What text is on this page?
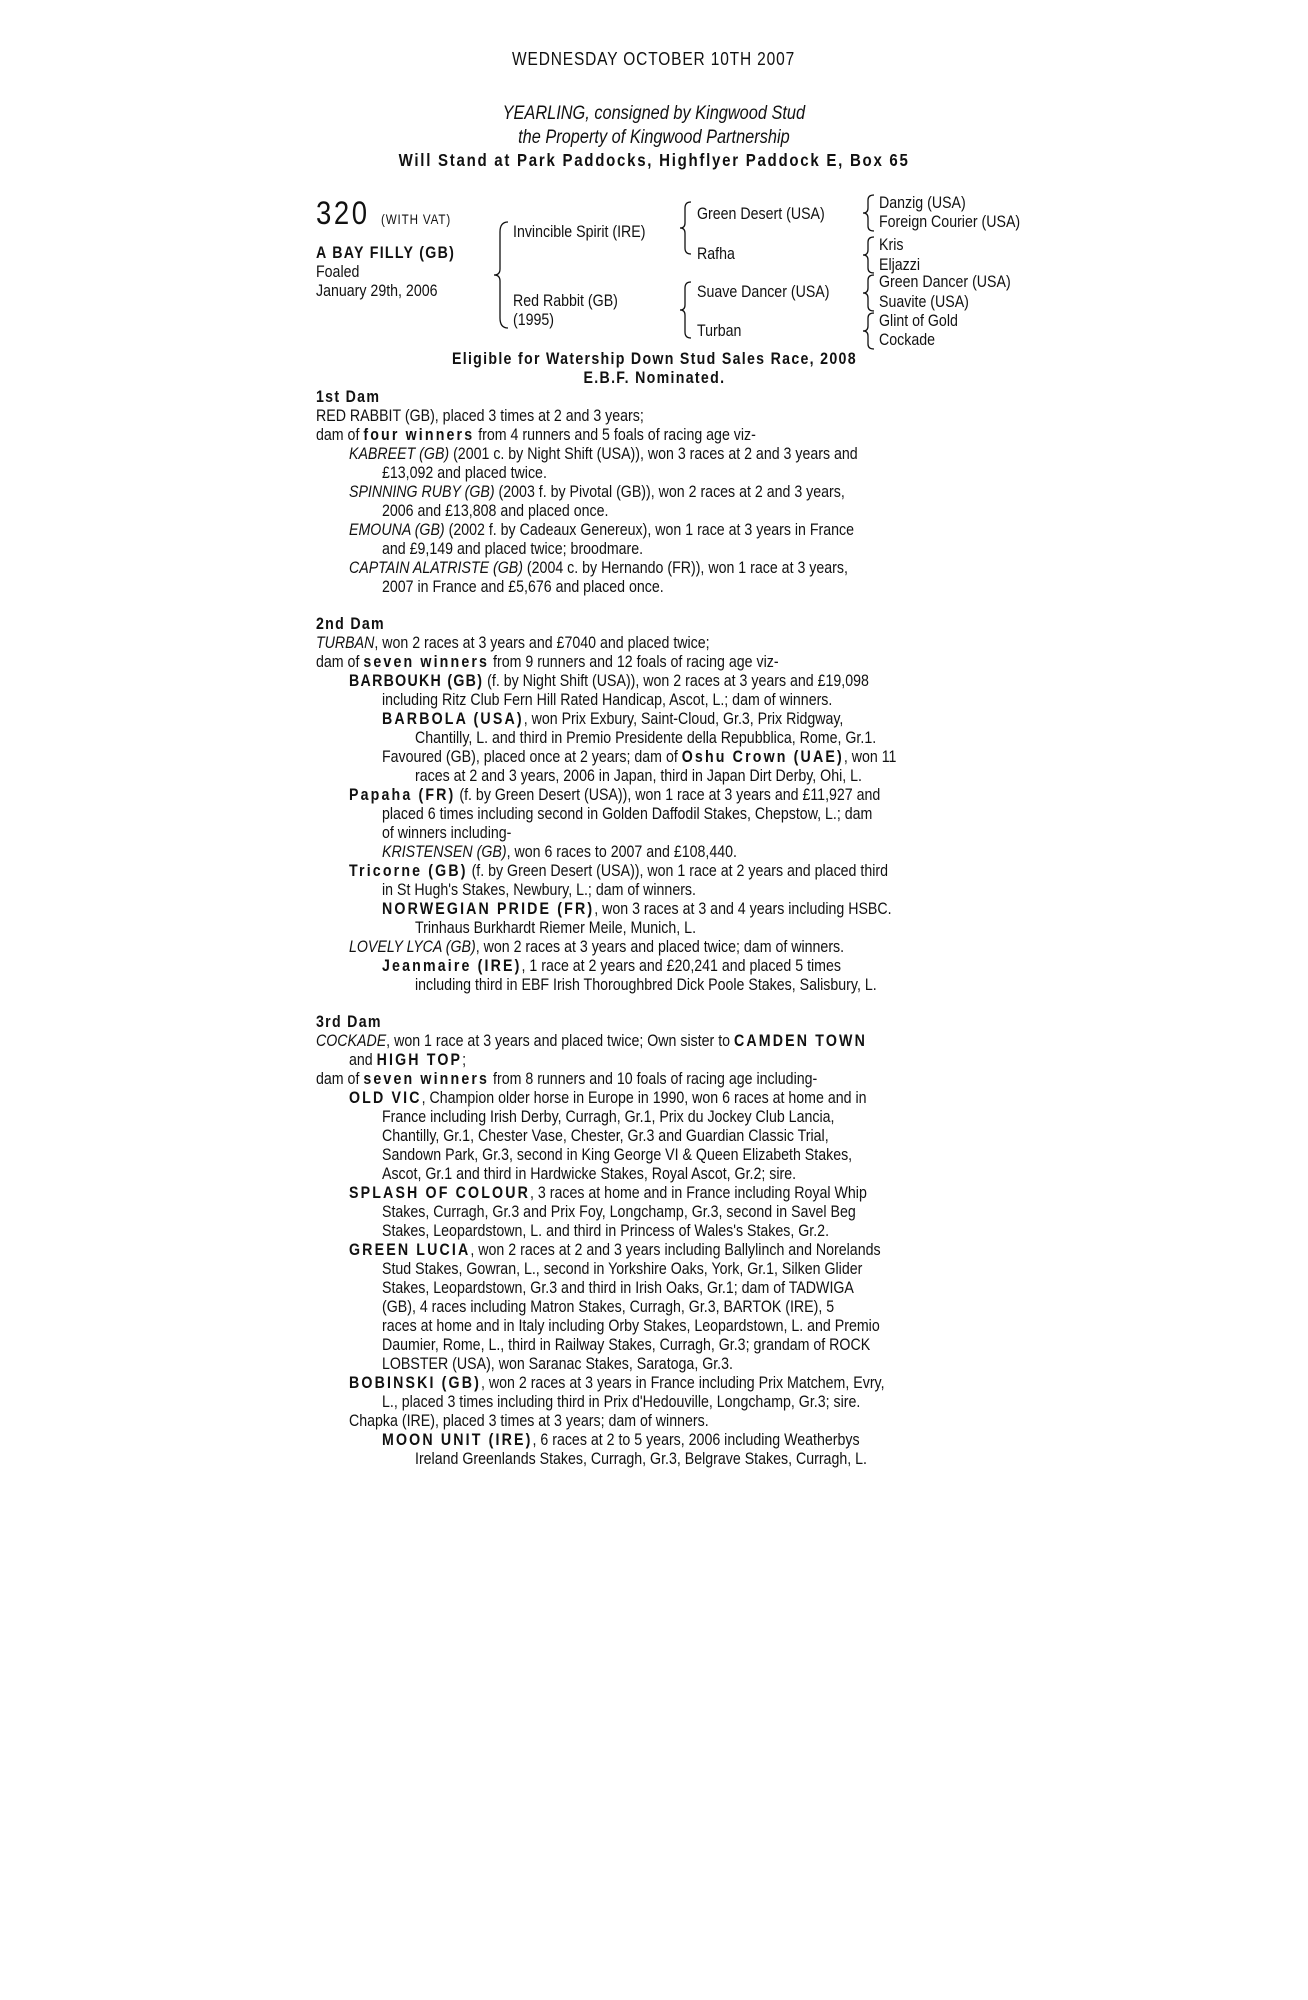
WEDNESDAY OCTOBER 10TH 2007
YEARLING, consigned by Kingwood Stud
the Property of Kingwood Partnership
Will Stand at Park Paddocks, Highflyer Paddock E, Box 65
320 (WITH VAT)
A BAY FILLY (GB)
Foaled
January 29th, 2006
Invincible Spirit (IRE)
Red Rabbit (GB)
(1995)
Green Desert (USA)
Rafha
Suave Dancer (USA)
Turban
Danzig (USA)
Foreign Courier (USA)
Kris
Eljazzi
Green Dancer (USA)
Suavite (USA)
Glint of Gold
Cockade
Eligible for Watership Down Stud Sales Race, 2008
E.B.F. Nominated.
1st Dam
RED RABBIT (GB), placed 3 times at 2 and 3 years;
dam of four winners from 4 runners and 5 foals of racing age viz-
KABREET (GB) (2001 c. by Night Shift (USA)), won 3 races at 2 and 3 years and
£13,092 and placed twice.
SPINNING RUBY (GB) (2003 f. by Pivotal (GB)), won 2 races at 2 and 3 years,
2006 and £13,808 and placed once.
EMOUNA (GB) (2002 f. by Cadeaux Genereux), won 1 race at 3 years in France
and £9,149 and placed twice; broodmare.
CAPTAIN ALATRISTE (GB) (2004 c. by Hernando (FR)), won 1 race at 3 years,
2007 in France and £5,676 and placed once.
2nd Dam
TURBAN, won 2 races at 3 years and £7040 and placed twice;
dam of seven winners from 9 runners and 12 foals of racing age viz-
BARBOUKH (GB) (f. by Night Shift (USA)), won 2 races at 3 years and £19,098
including Ritz Club Fern Hill Rated Handicap, Ascot, L.; dam of winners.
BARBOLA (USA), won Prix Exbury, Saint-Cloud, Gr.3, Prix Ridgway,
Chantilly, L. and third in Premio Presidente della Repubblica, Rome, Gr.1.
Favoured (GB), placed once at 2 years; dam of Oshu Crown (UAE), won 11
races at 2 and 3 years, 2006 in Japan, third in Japan Dirt Derby, Ohi, L.
Papaha (FR) (f. by Green Desert (USA)), won 1 race at 3 years and £11,927 and
placed 6 times including second in Golden Daffodil Stakes, Chepstow, L.; dam
of winners including-
KRISTENSEN (GB), won 6 races to 2007 and £108,440.
Tricorne (GB) (f. by Green Desert (USA)), won 1 race at 2 years and placed third
in St Hugh's Stakes, Newbury, L.; dam of winners.
NORWEGIAN PRIDE (FR), won 3 races at 3 and 4 years including HSBC.
Trinhaus Burkhardt Riemer Meile, Munich, L.
LOVELY LYCA (GB), won 2 races at 3 years and placed twice; dam of winners.
Jeanmaire (IRE), 1 race at 2 years and £20,241 and placed 5 times
including third in EBF Irish Thoroughbred Dick Poole Stakes, Salisbury, L.
3rd Dam
COCKADE, won 1 race at 3 years and placed twice; Own sister to CAMDEN TOWN
and HIGH TOP;
dam of seven winners from 8 runners and 10 foals of racing age including-
OLD VIC, Champion older horse in Europe in 1990, won 6 races at home and in
France including Irish Derby, Curragh, Gr.1, Prix du Jockey Club Lancia,
Chantilly, Gr.1, Chester Vase, Chester, Gr.3 and Guardian Classic Trial,
Sandown Park, Gr.3, second in King George VI & Queen Elizabeth Stakes,
Ascot, Gr.1 and third in Hardwicke Stakes, Royal Ascot, Gr.2; sire.
SPLASH OF COLOUR, 3 races at home and in France including Royal Whip
Stakes, Curragh, Gr.3 and Prix Foy, Longchamp, Gr.3, second in Savel Beg
Stakes, Leopardstown, L. and third in Princess of Wales's Stakes, Gr.2.
GREEN LUCIA, won 2 races at 2 and 3 years including Ballylinch and Norelands
Stud Stakes, Gowran, L., second in Yorkshire Oaks, York, Gr.1, Silken Glider
Stakes, Leopardstown, Gr.3 and third in Irish Oaks, Gr.1; dam of TADWIGA
(GB), 4 races including Matron Stakes, Curragh, Gr.3, BARTOK (IRE), 5
races at home and in Italy including Orby Stakes, Leopardstown, L. and Premio
Daumier, Rome, L., third in Railway Stakes, Curragh, Gr.3; grandam of ROCK
LOBSTER (USA), won Saranac Stakes, Saratoga, Gr.3.
BOBINSKI (GB), won 2 races at 3 years in France including Prix Matchem, Evry,
L., placed 3 times including third in Prix d'Hedouville, Longchamp, Gr.3; sire.
Chapka (IRE), placed 3 times at 3 years; dam of winners.
MOON UNIT (IRE), 6 races at 2 to 5 years, 2006 including Weatherbys
Ireland Greenlands Stakes, Curragh, Gr.3, Belgrave Stakes, Curragh, L.
